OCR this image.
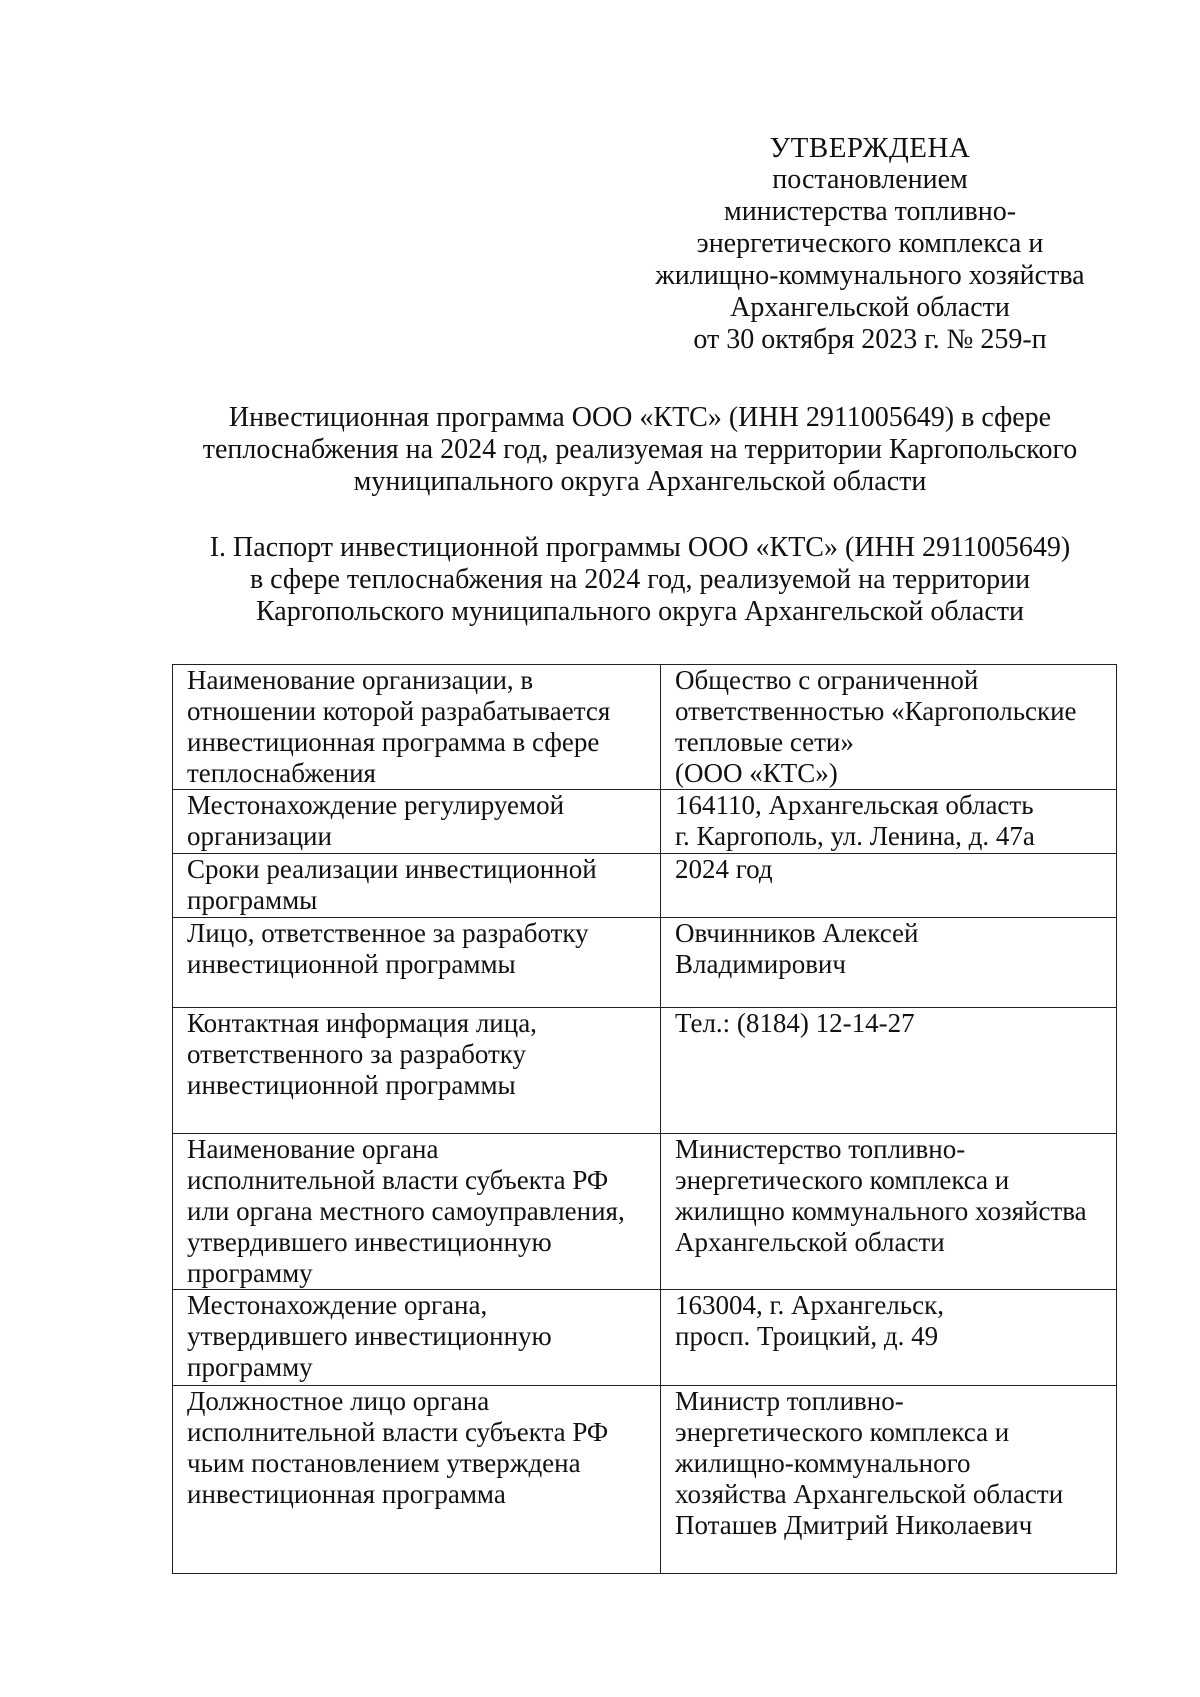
УТВЕРЖДЕНА
постановлением
министерства топливно-
энергетического комплекса и
жилищно-коммунального хозяйства
Архангельской области
от 30 октября 2023 г. № 259-п
Инвестиционная программа ООО «КТС» (ИНН 2911005649) в сфере
теплоснабжения на 2024 год, реализуемая на территории Каргопольского
муниципального округа Архангельской области
I. Паспорт инвестиционной программы ООО «КТС» (ИНН 2911005649)
в сфере теплоснабжения на 2024 год, реализуемой на территории
Каргопольского муниципального округа Архангельской области
Наименование организации, в
отношении которой разрабатывается
инвестиционная программа в сфере
теплоснабжения	Общество с ограниченной
ответственностью «Каргопольские
тепловые сети»
(ООО «КТС»)

Местонахождение регулируемой
организации	164110, Архангельская область
г. Каргополь, ул. Ленина, д. 47а

Сроки реализации инвестиционной
программы	2024 год

Лицо, ответственное за разработку
инвестиционной программы	Овчинников Алексей
Владимирович

Контактная информация лица,
ответственного за разработку
инвестиционной программы	Тел.: (8184) 12-14-27

Наименование органа
исполнительной власти субъекта РФ
или органа местного самоуправления,
утвердившего инвестиционную
программу	Министерство топливно-
энергетического комплекса и
жилищно коммунального хозяйства
Архангельской области

Местонахождение органа,
утвердившего инвестиционную
программу	163004, г. Архангельск,
просп. Троицкий, д. 49

Должностное лицо органа
исполнительной власти субъекта РФ
чьим постановлением утверждена
инвестиционная программа	Министр топливно-
энергетического комплекса и
жилищно-коммунального
хозяйства Архангельской области
Поташев Дмитрий Николаевич
